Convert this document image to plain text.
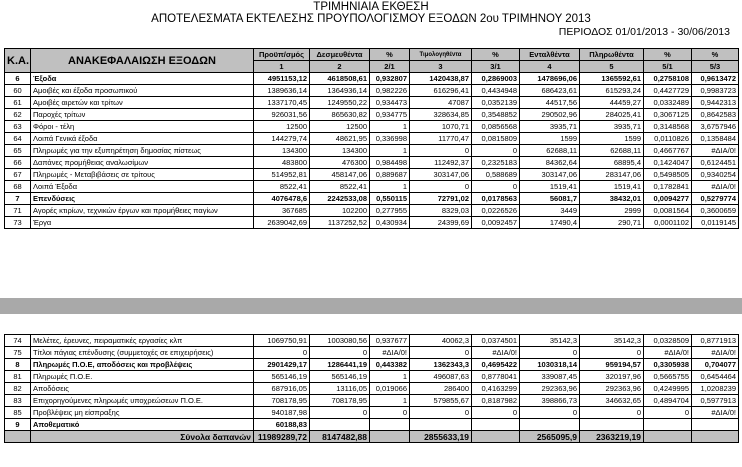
ΤΡΙΜΗΝΙΑΙΑ ΕΚΘΕΣΗ
ΑΠΟΤΕΛΕΣΜΑΤΑ ΕΚΤΕΛΕΣΗΣ ΠΡΟΥΠΟΛΟΓΙΣΜΟΥ ΕΞΟΔΩΝ 2ου ΤΡΙΜΗΝΟΥ 2013
ΠΕΡΙΟΔΟΣ 01/01/2013 - 30/06/2013
Κ.Α.	ΑΝΑΚΕΦΑΛΑΙΩΣΗ ΕΞΟΔΩΝ	Προϋπ/σμός	Δεσμευθέντα	%	Τιμολογηθέντα	%	Ενταλθέντα	Πληρωθέντα	%	%
		1	2	2/1	3	3/1	4	5	5/1	5/3
6	Έξοδα	4951153,12	4618508,61	0,932807	1420438,87	0,2869003	1478696,06	1365592,61	0,2758108	0,9613472
60	Αμοιβές και έξοδα προσωπικού	1389636,14	1364936,14	0,982226	616296,41	0,4434948	686423,61	615293,24	0,4427729	0,9983723
61	Αμοιβές αιρετών και τρίτων	1337170,45	1249550,22	0,934473	47087	0,0352139	44517,56	44459,27	0,0332489	0,9442313
62	Παροχές τρίτων	926031,56	865630,82	0,934775	328634,85	0,3548852	290502,96	284025,41	0,3067125	0,8642583
63	Φόροι - τέλη	12500	12500	1	1070,71	0,0856568	3935,71	3935,71	0,3148568	3,6757946
64	Λοιπά Γενικά έξοδα	144279,74	48621,95	0,336998	11770,47	0,0815809	1599	1599	0,0110826	0,1358484
65	Πληρωμές για την εξυπηρέτηση δημοσίας πίστεως	134300	134300	1	0	0	62688,11	62688,11	0,4667767	#ΔΙΑ/0!
66	Δαπάνες προμήθειας αναλωσίμων	483800	476300	0,984498	112492,37	0,2325183	84362,64	68895,4	0,1424047	0,6124451
67	Πληρωμές - Μεταβιβάσεις σε τρίτους	514952,81	458147,06	0,889687	303147,06	0,588689	303147,06	283147,06	0,5498505	0,9340254
68	Λοιπά Έξοδα	8522,41	8522,41	1	0	0	1519,41	1519,41	0,1782841	#ΔΙΑ/0!
7	Επενδύσεις	4076478,6	2242533,08	0,550115	72791,02	0,0178563	56081,7	38432,01	0,0094277	0,5279774
71	Αγορές κτιρίων, τεχνικών έργων και προμήθειες παγίων	367685	102200	0,277955	8329,03	0,0226526	3449	2999	0,0081564	0,3600659
73	Έργα	2639042,69	1137252,52	0,430934	24399,69	0,0092457	17490,4	290,71	0,0001102	0,0119145
74	Μελέτες, έρευνες, πειραματικές εργασίες κλπ	1069750,91	1003080,56	0,937677	40062,3	0,0374501	35142,3	35142,3	0,0328509	0,8771913
75	Τίτλοι πάγιας επένδυσης (συμμετοχές σε επιχειρήσεις)	0	0	#ΔΙΑ/0!	0	#ΔΙΑ/0!	0	0	#ΔΙΑ/0!	#ΔΙΑ/0!
8	Πληρωμές Π.Ο.Ε, αποδόσεις και προβλέψεις	2901429,17	1286441,19	0,443382	1362343,3	0,4695422	1030318,14	959194,57	0,3305938	0,704077
81	Πληρωμές Π.Ο.Ε.	565146,19	565146,19	1	496087,63	0,8778041	339087,45	320197,96	0,5665755	0,6454464
82	Αποδόσεις	687916,05	13116,05	0,019066	286400	0,4163299	292363,96	292363,96	0,4249995	1,0208239
83	Επιχορηγούμενες πληρωμές υποχρεώσεων Π.Ο.Ε.	708178,95	708178,95	1	579855,67	0,8187982	398866,73	346632,65	0,4894704	0,5977913
85	Προβλέψεις μη είσπραξης	940187,98	0	0	0	0	0	0	0	#ΔΙΑ/0!
9	Αποθεματικό	60188,83								
	Σύνολα δαπανών	11989289,72	8147482,88		2855633,19		2565095,9	2363219,19		
